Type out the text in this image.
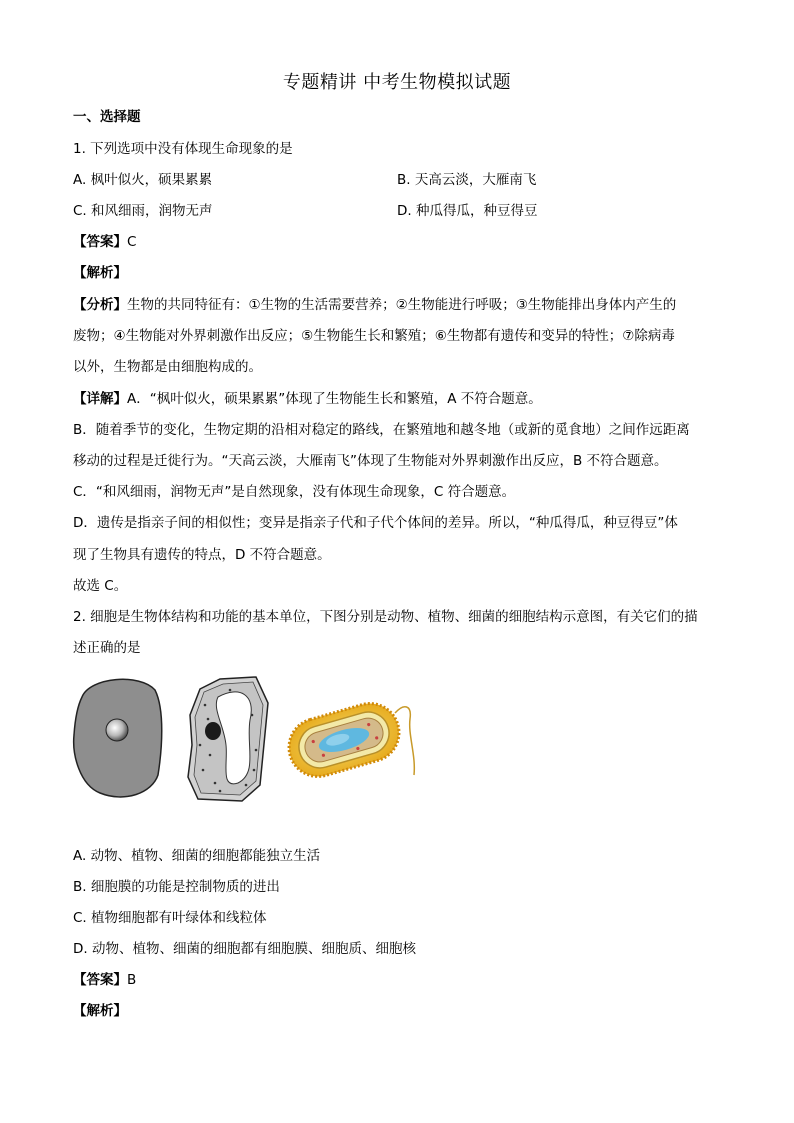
专题精讲 中考生物模拟试题
一、选择题
1. 下列选项中没有体现生命现象的是
A. 枫叶似火，硕果累累	B. 天高云淡，大雁南飞
C. 和风细雨，润物无声	D. 种瓜得瓜，种豆得豆
【答案】C
【解析】
【分析】生物的共同特征有：①生物的生活需要营养；②生物能进行呼吸；③生物能排出身体内产生的
废物；④生物能对外界刺激作出反应；⑤生物能生长和繁殖；⑥生物都有遗传和变异的特性；⑦除病毒
以外，生物都是由细胞构成的。
【详解】A．“枫叶似火，硕果累累”体现了生物能生长和繁殖，A 不符合题意。
B．随着季节的变化，生物定期的沿相对稳定的路线，在繁殖地和越冬地（或新的觅食地）之间作远距离
移动的过程是迁徙行为。“天高云淡，大雁南飞”体现了生物能对外界刺激作出反应，B 不符合题意。
C．“和风细雨，润物无声”是自然现象，没有体现生命现象，C 符合题意。
D．遗传是指亲子间的相似性；变异是指亲子代和子代个体间的差异。所以，“种瓜得瓜，种豆得豆”体
现了生物具有遗传的特点，D 不符合题意。
故选 C。
2. 细胞是生物体结构和功能的基本单位，下图分别是动物、植物、细菌的细胞结构示意图，有关它们的描
述正确的是
A. 动物、植物、细菌的细胞都能独立生活
B. 细胞膜的功能是控制物质的进出
C. 植物细胞都有叶绿体和线粒体
D. 动物、植物、细菌的细胞都有细胞膜、细胞质、细胞核
【答案】B
【解析】
